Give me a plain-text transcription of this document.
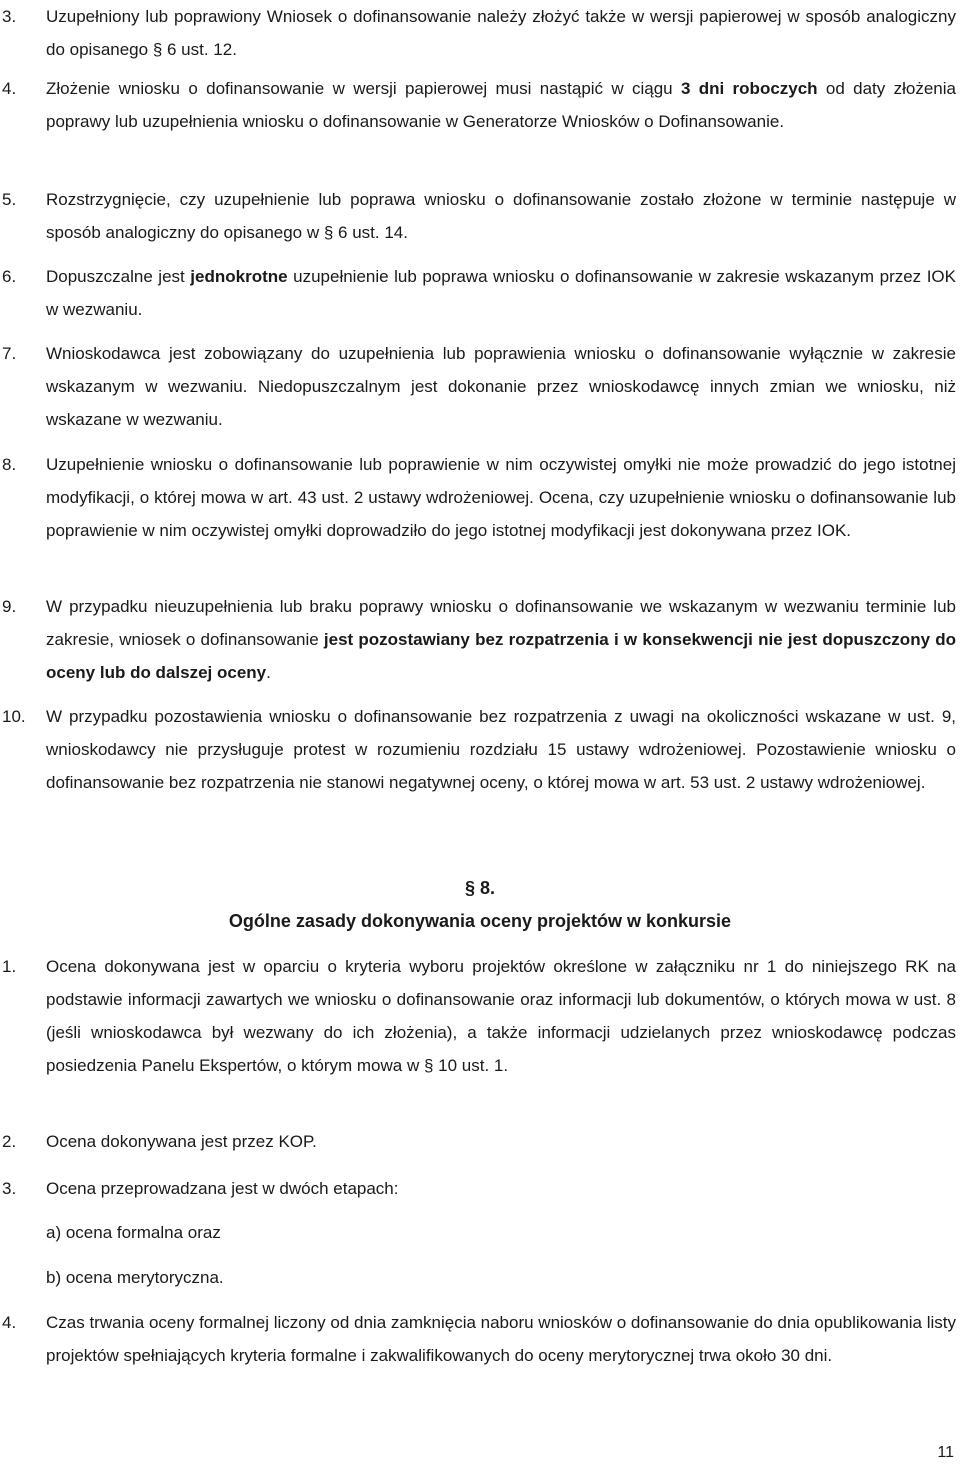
3. Uzupełniony lub poprawiony Wniosek o dofinansowanie należy złożyć także w wersji papierowej w sposób analogiczny do opisanego § 6 ust. 12.
4. Złożenie wniosku o dofinansowanie w wersji papierowej musi nastąpić w ciągu 3 dni roboczych od daty złożenia poprawy lub uzupełnienia wniosku o dofinansowanie w Generatorze Wniosków o Dofinansowanie.
5. Rozstrzygnięcie, czy uzupełnienie lub poprawa wniosku o dofinansowanie zostało złożone w terminie następuje w sposób analogiczny do opisanego w § 6 ust. 14.
6. Dopuszczalne jest jednokrotne uzupełnienie lub poprawa wniosku o dofinansowanie w zakresie wskazanym przez IOK w wezwaniu.
7. Wnioskodawca jest zobowiązany do uzupełnienia lub poprawienia wniosku o dofinansowanie wyłącznie w zakresie wskazanym w wezwaniu. Niedopuszczalnym jest dokonanie przez wnioskodawcę innych zmian we wniosku, niż wskazane w wezwaniu.
8. Uzupełnienie wniosku o dofinansowanie lub poprawienie w nim oczywistej omyłki nie może prowadzić do jego istotnej modyfikacji, o której mowa w art. 43 ust. 2 ustawy wdrożeniowej. Ocena, czy uzupełnienie wniosku o dofinansowanie lub poprawienie w nim oczywistej omyłki doprowadziło do jego istotnej modyfikacji jest dokonywana przez IOK.
9. W przypadku nieuzupełnienia lub braku poprawy wniosku o dofinansowanie we wskazanym w wezwaniu terminie lub zakresie, wniosek o dofinansowanie jest pozostawiany bez rozpatrzenia i w konsekwencji nie jest dopuszczony do oceny lub do dalszej oceny.
10. W przypadku pozostawienia wniosku o dofinansowanie bez rozpatrzenia z uwagi na okoliczności wskazane w ust. 9, wnioskodawcy nie przysługuje protest w rozumieniu rozdziału 15 ustawy wdrożeniowej. Pozostawienie wniosku o dofinansowanie bez rozpatrzenia nie stanowi negatywnej oceny, o której mowa w art. 53 ust. 2 ustawy wdrożeniowej.
§ 8.
Ogólne zasady dokonywania oceny projektów w konkursie
1. Ocena dokonywana jest w oparciu o kryteria wyboru projektów określone w załączniku nr 1 do niniejszego RK na podstawie informacji zawartych we wniosku o dofinansowanie oraz informacji lub dokumentów, o których mowa w ust. 8 (jeśli wnioskodawca był wezwany do ich złożenia), a także informacji udzielanych przez wnioskodawcę podczas posiedzenia Panelu Ekspertów, o którym mowa w § 10 ust. 1.
2. Ocena dokonywana jest przez KOP.
3. Ocena przeprowadzana jest w dwóch etapach:
a) ocena formalna oraz
b) ocena merytoryczna.
4. Czas trwania oceny formalnej liczony od dnia zamknięcia naboru wniosków o dofinansowanie do dnia opublikowania listy projektów spełniających kryteria formalne i zakwalifikowanych do oceny merytorycznej trwa około 30 dni.
11
